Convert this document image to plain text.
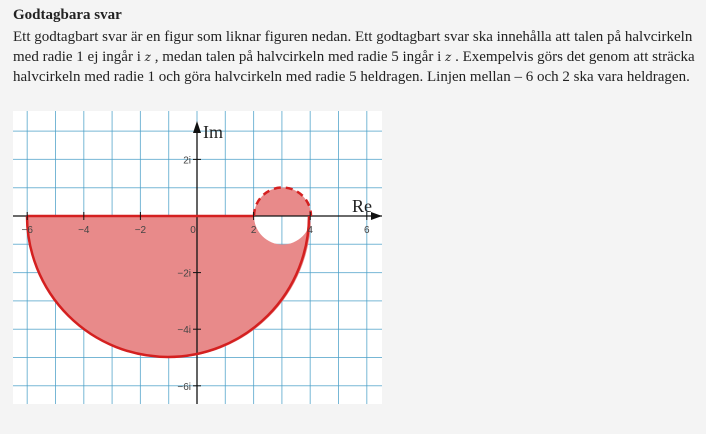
Godtagbara svar
Ett godtagbart svar är en figur som liknar figuren nedan. Ett godtagbart svar ska innehålla att talen på halvcirkeln med radie 1 ej ingår i z , medan talen på halvcirkeln med radie 5 ingår i z . Exempelvis görs det genom att sträcka halvcirkeln med radie 1 och göra halvcirkeln med radie 5 heldragen. Linjen mellan – 6 och 2 ska vara heldragen.
−6	−4	−2	0	2	4	6
2i
−2i
−4i
−6i
Re
Im
